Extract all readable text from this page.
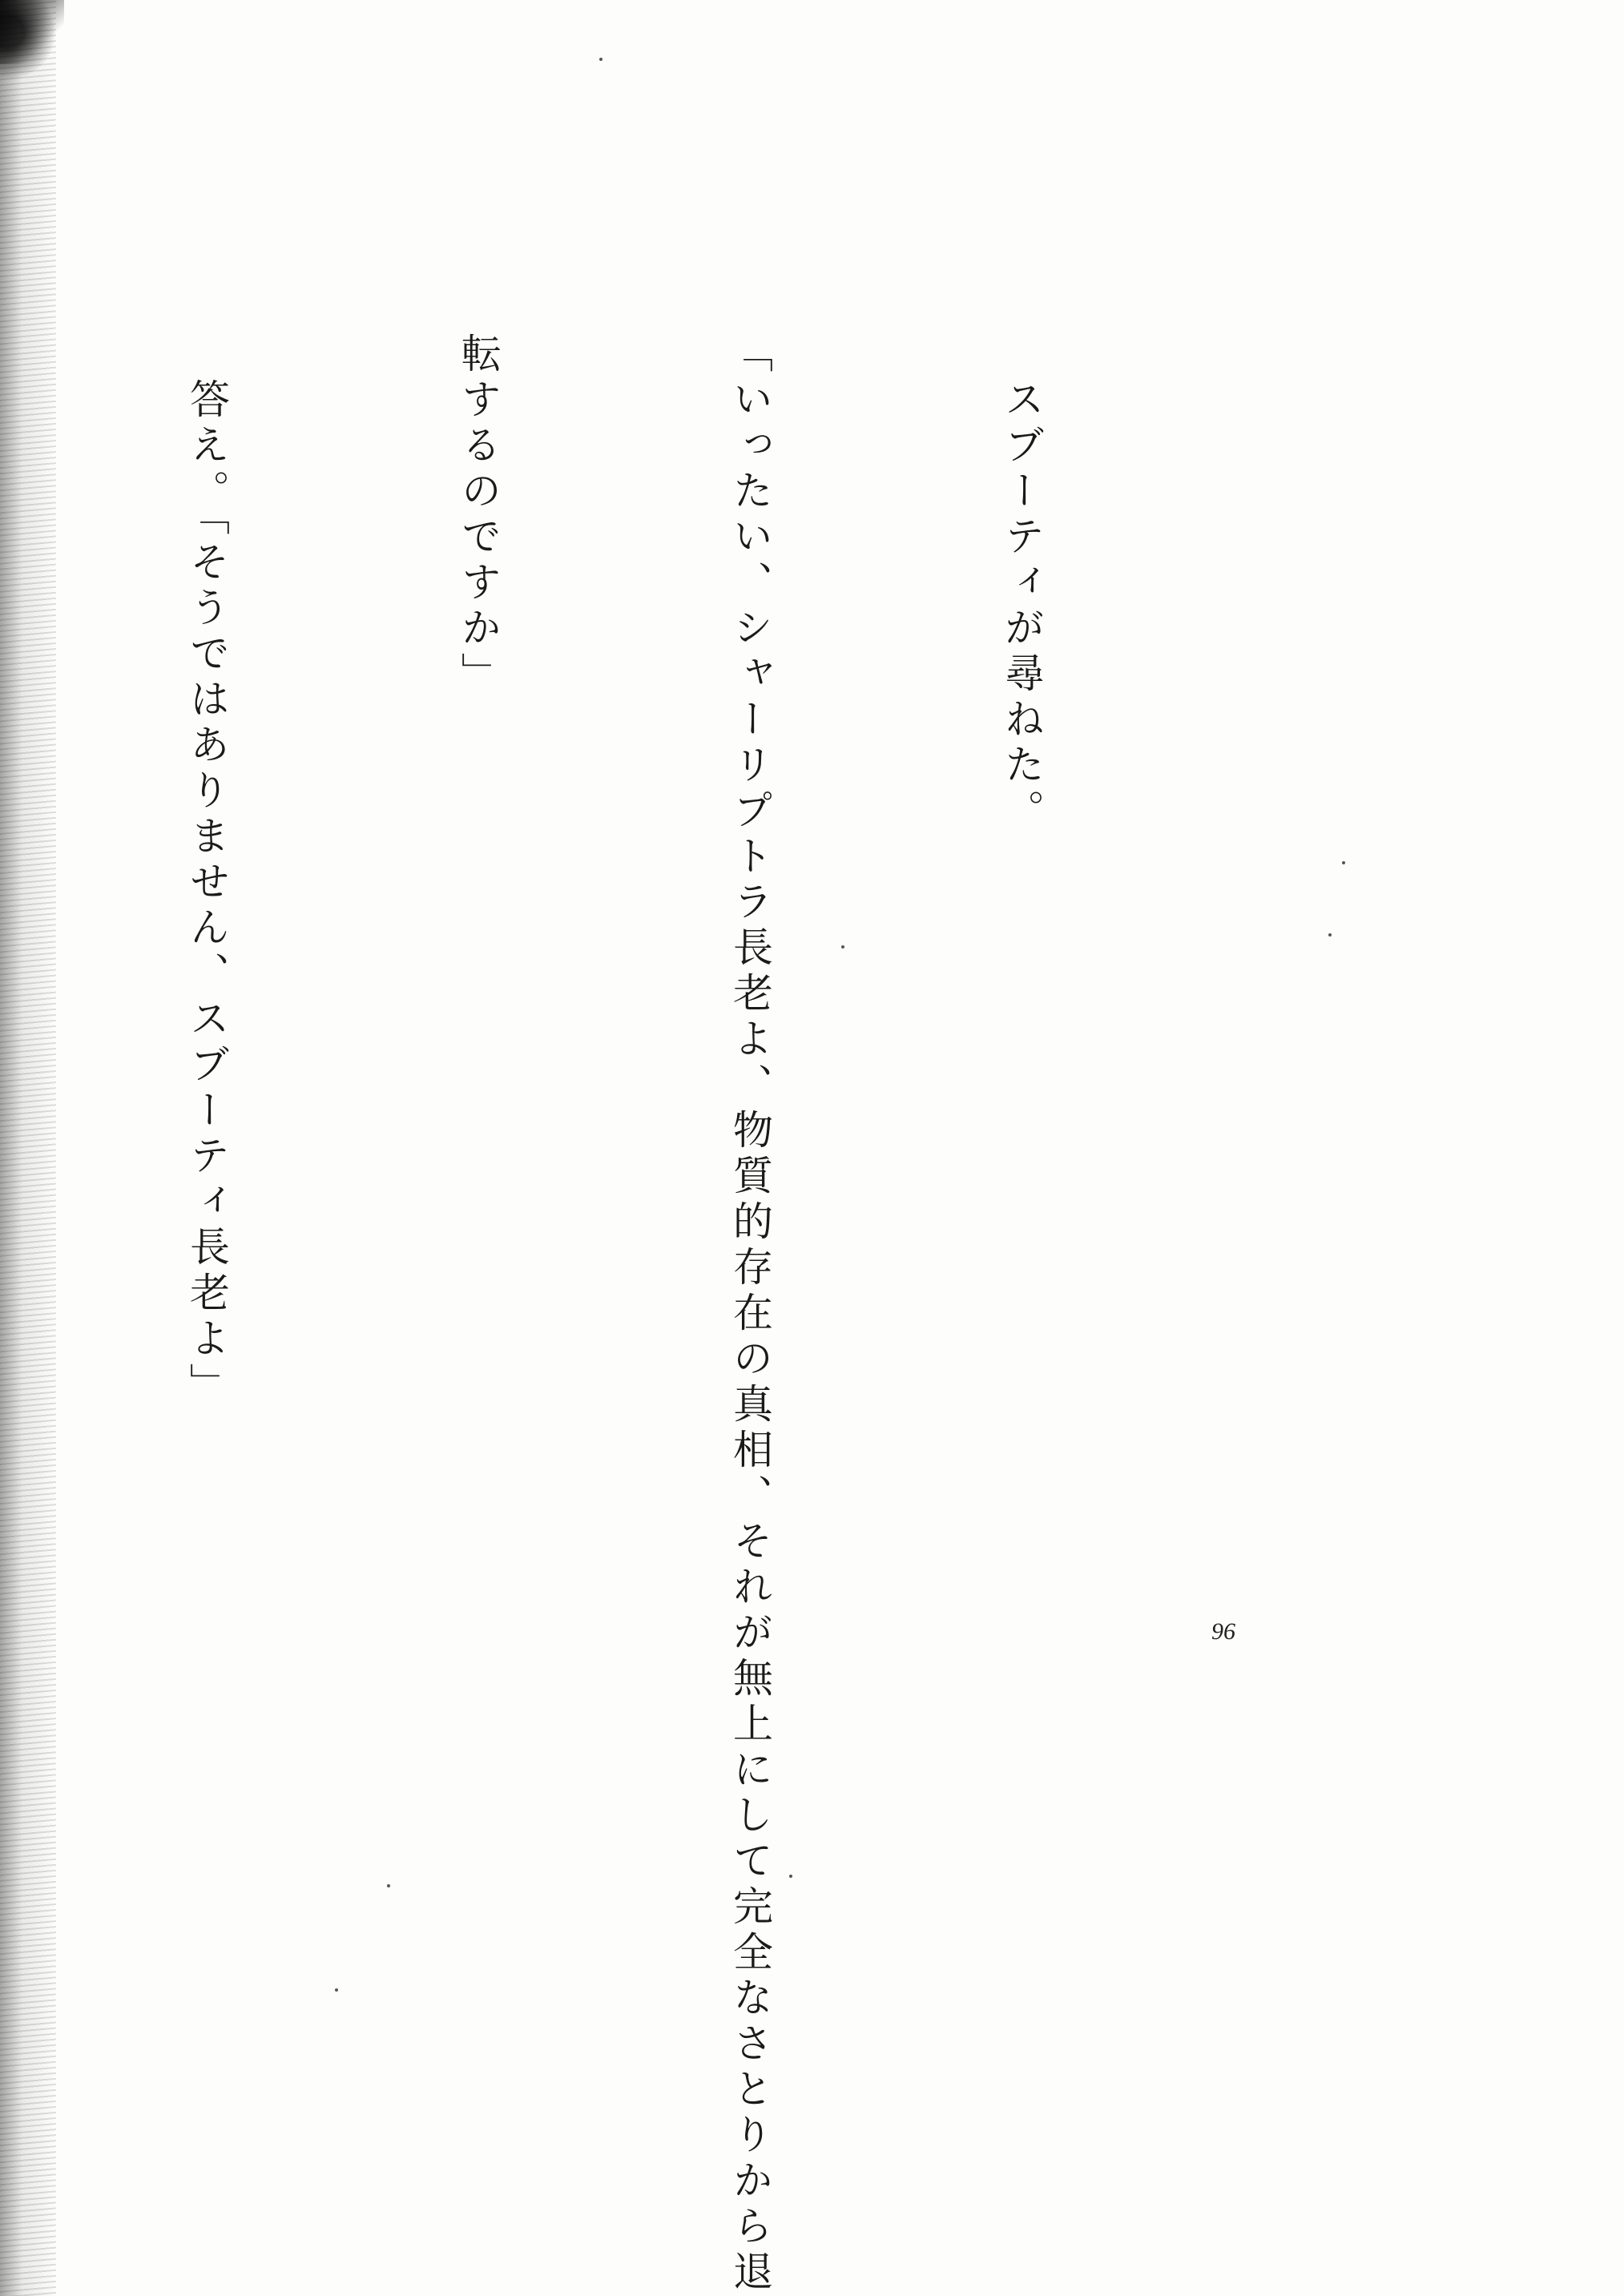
　スブーティが尋ねた。

「いったい、シャーリプトラ長老よ、物質的存在の真相、それが無上にして完全なさとりから退

転するのですか」

　答え。「そうではありません、スブーティ長老よ」

96
